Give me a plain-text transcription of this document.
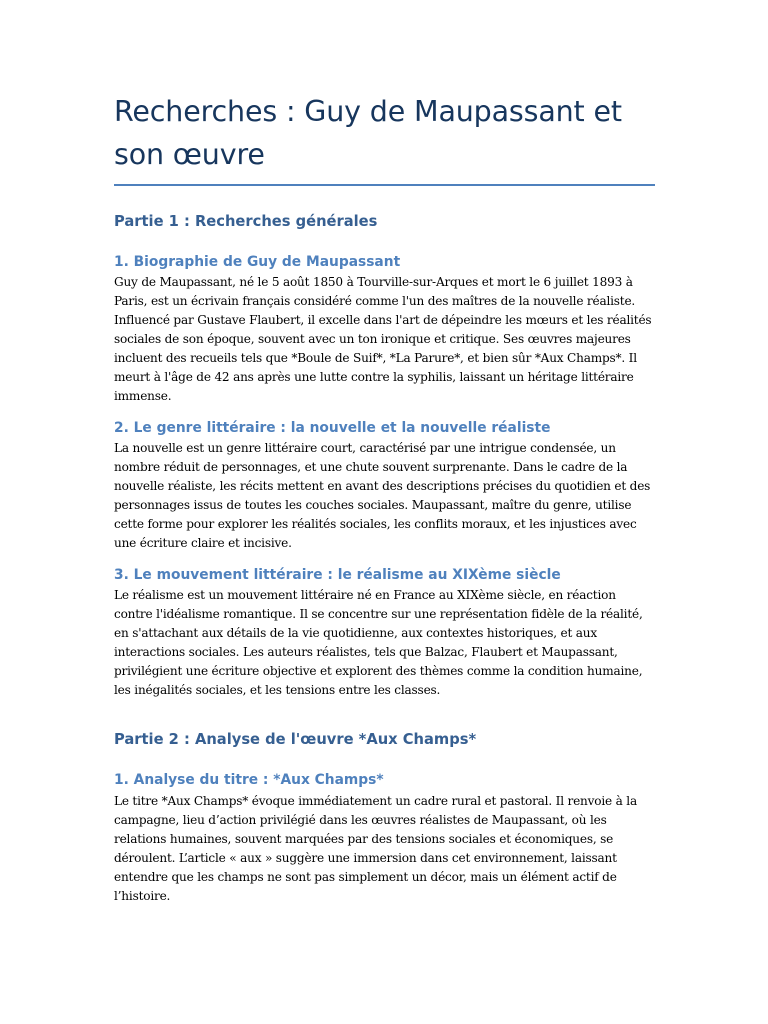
Recherches : Guy de Maupassant et son œuvre
Partie 1 : Recherches générales
1. Biographie de Guy de Maupassant

Guy de Maupassant, né le 5 août 1850 à Tourville-sur-Arques et mort le 6 juillet 1893 à Paris, est un écrivain français considéré comme l'un des maîtres de la nouvelle réaliste. Influencé par Gustave Flaubert, il excelle dans l'art de dépeindre les mœurs et les réalités sociales de son époque, souvent avec un ton ironique et critique. Ses œuvres majeures incluent des recueils tels que *Boule de Suif*, *La Parure*, et bien sûr *Aux Champs*. Il meurt à l'âge de 42 ans après une lutte contre la syphilis, laissant un héritage littéraire immense.

2. Le genre littéraire : la nouvelle et la nouvelle réaliste

La nouvelle est un genre littéraire court, caractérisé par une intrigue condensée, un nombre réduit de personnages, et une chute souvent surprenante. Dans le cadre de la nouvelle réaliste, les récits mettent en avant des descriptions précises du quotidien et des personnages issus de toutes les couches sociales. Maupassant, maître du genre, utilise cette forme pour explorer les réalités sociales, les conflits moraux, et les injustices avec une écriture claire et incisive.

3. Le mouvement littéraire : le réalisme au XIXème siècle

Le réalisme est un mouvement littéraire né en France au XIXème siècle, en réaction contre l'idéalisme romantique. Il se concentre sur une représentation fidèle de la réalité, en s'attachant aux détails de la vie quotidienne, aux contextes historiques, et aux interactions sociales. Les auteurs réalistes, tels que Balzac, Flaubert et Maupassant, privilégient une écriture objective et explorent des thèmes comme la condition humaine, les inégalités sociales, et les tensions entre les classes.

Partie 2 : Analyse de l'œuvre *Aux Champs*
1. Analyse du titre : *Aux Champs*

Le titre *Aux Champs* évoque immédiatement un cadre rural et pastoral. Il renvoie à la campagne, lieu d’action privilégié dans les œuvres réalistes de Maupassant, où les relations humaines, souvent marquées par des tensions sociales et économiques, se déroulent. L’article « aux » suggère une immersion dans cet environnement, laissant entendre que les champs ne sont pas simplement un décor, mais un élément actif de l’histoire.
